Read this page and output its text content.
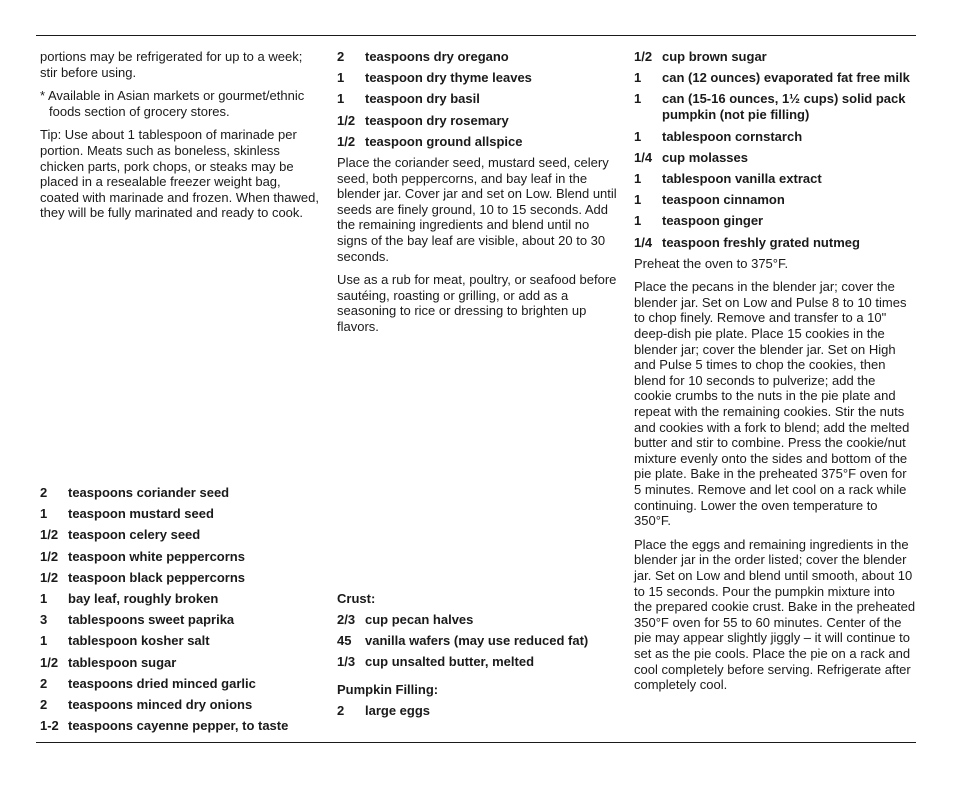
portions may be refrigerated for up to a week; stir before using.

* Available in Asian markets or gourmet/ethnic foods section of grocery stores.

Tip: Use about 1 tablespoon of marinade per portion. Meats such as boneless, skinless chicken parts, pork chops, or steaks may be placed in a resealable freezer weight bag, coated with marinade and frozen. When thawed, they will be fully marinated and ready to cook.

2	teaspoons coriander seed
1	teaspoon mustard seed
1/2 teaspoon celery seed
1/2 teaspoon white peppercorns
1/2 teaspoon black peppercorns
1	bay leaf, roughly broken
3	tablespoons sweet paprika
1	tablespoon kosher salt
1/2 tablespoon sugar
2	teaspoons dried minced garlic
2	teaspoons minced dry onions
1-2 teaspoons cayenne pepper, to taste
2	teaspoons dry oregano
1	teaspoon dry thyme leaves
1	teaspoon dry basil
1/2 teaspoon dry rosemary
1/2 teaspoon ground allspice

Place the coriander seed, mustard seed, celery seed, both peppercorns, and bay leaf in the blender jar. Cover jar and set on Low. Blend until seeds are finely ground, 10 to 15 seconds. Add the remaining ingredients and blend until no signs of the bay leaf are visible, about 20 to 30 seconds.

Use as a rub for meat, poultry, or seafood before sautéing, roasting or grilling, or add as a seasoning to rice or dressing to brighten up flavors.

Crust:

2/3 cup pecan halves
45	vanilla wafers (may use reduced fat)
1/3 cup unsalted butter, melted

Pumpkin Filling:

2	large eggs
1/2 cup brown sugar
1	can (12 ounces) evaporated fat free milk
1	can (15-16 ounces, 1½ cups) solid pack pumpkin (not pie filling)
1	tablespoon cornstarch
1/4 cup molasses
1	tablespoon vanilla extract
1	teaspoon cinnamon
1	teaspoon ginger
1/4 teaspoon freshly grated nutmeg

Preheat the oven to 375°F.

Place the pecans in the blender jar; cover the blender jar. Set on Low and Pulse 8 to 10 times to chop finely. Remove and transfer to a 10" deep-dish pie plate. Place 15 cookies in the blender jar; cover the blender jar. Set on High and Pulse 5 times to chop the cookies, then blend for 10 seconds to pulverize; add the cookie crumbs to the nuts in the pie plate and repeat with the remaining cookies. Stir the nuts and cookies with a fork to blend; add the melted butter and stir to combine. Press the cookie/nut mixture evenly onto the sides and bottom of the pie plate. Bake in the preheated 375°F oven for 5 minutes. Remove and let cool on a rack while continuing. Lower the oven temperature to 350°F.

Place the eggs and remaining ingredients in the blender jar in the order listed; cover the blender jar. Set on Low and blend until smooth, about 10 to 15 seconds. Pour the pumpkin mixture into the prepared cookie crust. Bake in the preheated 350°F oven for 55 to 60 minutes. Center of the pie may appear slightly jiggly – it will continue to set as the pie cools. Place the pie on a rack and cool completely before serving. Refrigerate after completely cool.
